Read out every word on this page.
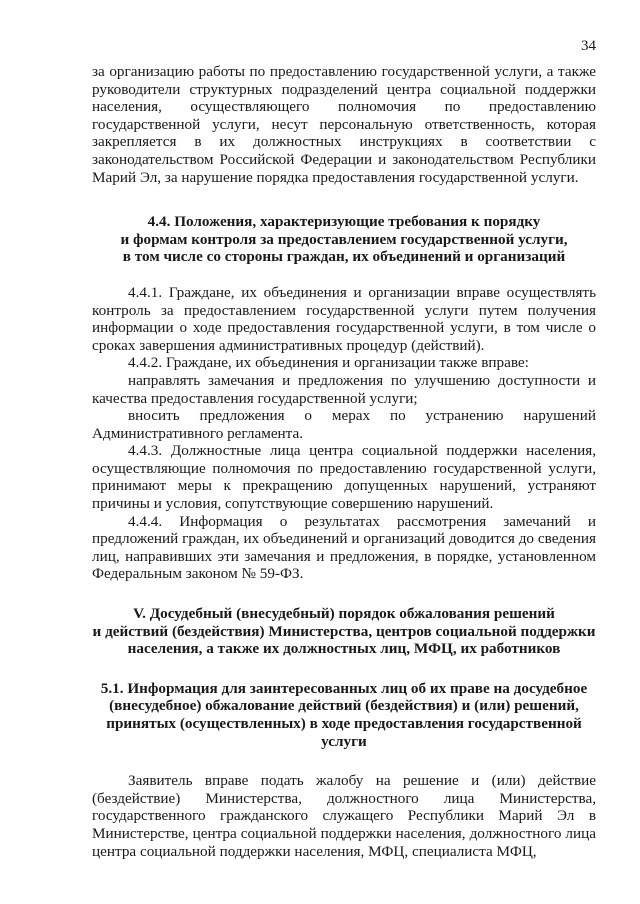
34

за организацию работы по предоставлению государственной услуги, а также руководители структурных подразделений центра социальной поддержки населения, осуществляющего полномочия по предоставлению государственной услуги, несут персональную ответственность, которая закрепляется в их должностных инструкциях в соответствии с законодательством Российской Федерации и законодательством Республики Марий Эл, за нарушение порядка предоставления государственной услуги.

4.4. Положения, характеризующие требования к порядку
и формам контроля за предоставлением государственной услуги,
в том числе со стороны граждан, их объединений и организаций

4.4.1. Граждане, их объединения и организации вправе осуществлять контроль за предоставлением государственной услуги путем получения информации о ходе предоставления государственной услуги, в том числе о сроках завершения административных процедур (действий).

4.4.2. Граждане, их объединения и организации также вправе:

направлять замечания и предложения по улучшению доступности и качества предоставления государственной услуги;

вносить предложения о мерах по устранению нарушений Административного регламента.

4.4.3. Должностные лица центра социальной поддержки населения, осуществляющие полномочия по предоставлению государственной услуги, принимают меры к прекращению допущенных нарушений, устраняют причины и условия, сопутствующие совершению нарушений.

4.4.4. Информация о результатах рассмотрения замечаний и предложений граждан, их объединений и организаций доводится до сведения лиц, направивших эти замечания и предложения, в порядке, установленном Федеральным законом № 59-ФЗ.

V. Досудебный (внесудебный) порядок обжалования решений
и действий (бездействия) Министерства, центров социальной поддержки
населения, а также их должностных лиц, МФЦ, их работников
5.1. Информация для заинтересованных лиц об их праве на досудебное
(внесудебное) обжалование действий (бездействия) и (или) решений,
принятых (осуществленных) в ходе предоставления государственной
услуги

Заявитель вправе подать жалобу на решение и (или) действие (бездействие) Министерства, должностного лица Министерства, государственного гражданского служащего Республики Марий Эл в Министерстве, центра социальной поддержки населения, должностного лица центра социальной поддержки населения, МФЦ, специалиста МФЦ,
